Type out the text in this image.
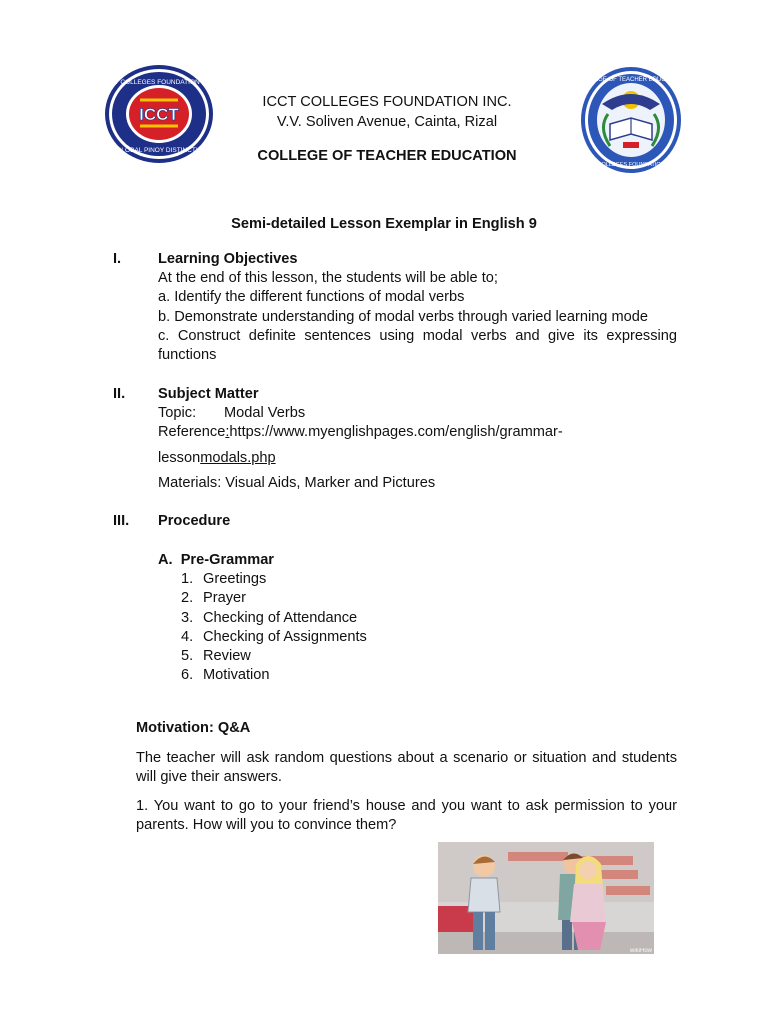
ICCT
ICCT COLLEGES FOUNDATION INC.
A GLOBAL PINOY DISTINCTION
ICCT COLLEGES FOUNDATION INC.
V.V. Soliven Avenue, Cainta, Rizal
COLLEGE OF TEACHER EDUCATION
COLLEGE OF TEACHER EDUCATION
ICCT COLLEGES FOUNDATION, INC.
Semi-detailed Lesson Exemplar in English 9
I.	Learning Objectives
At the end of this lesson, the students will be able to;
a. Identify the different functions of modal verbs
b. Demonstrate understanding of modal verbs through varied learning mode
c. Construct definite sentences using modal verbs and give its expressing functions
II. Subject Matter
Topic: Modal Verbs
Reference:https://www.myenglishpages.com/english/grammar-
lessonmodals.php
Materials: Visual Aids, Marker and Pictures
III. Procedure
A.  Pre-Grammar
1. Greetings
2. Prayer
3. Checking of Attendance
4. Checking of Assignments
5. Review
6. Motivation
Motivation: Q&A
The teacher will ask random questions about a scenario or situation and students will give their answers.
1. You want to go to your friend’s house and you want to ask permission to your parents. How will you to convince them?
wikiHow
